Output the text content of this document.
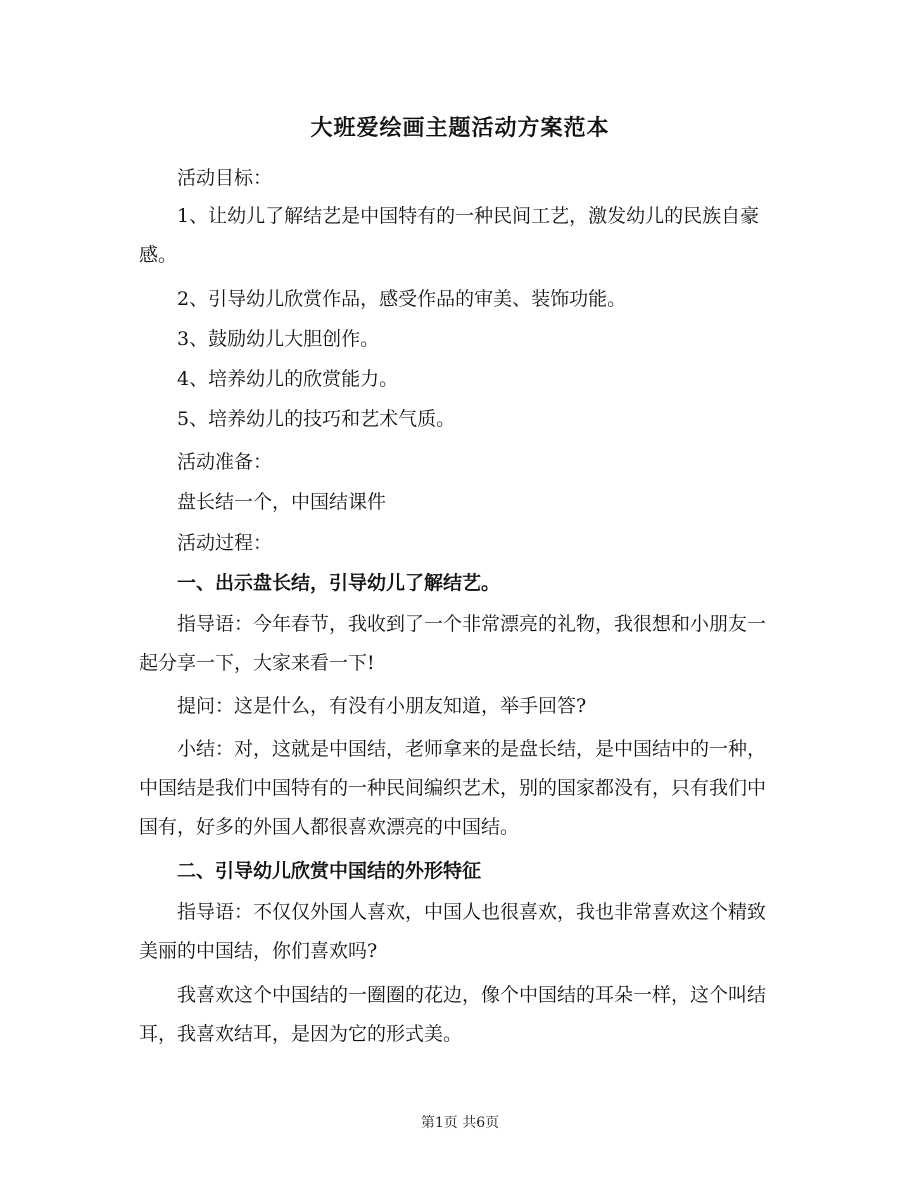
大班爱绘画主题活动方案范本

活动目标：

1、让幼儿了解结艺是中国特有的一种民间工艺，激发幼儿的民族自豪感。

2、引导幼儿欣赏作品，感受作品的审美、装饰功能。

3、鼓励幼儿大胆创作。

4、培养幼儿的欣赏能力。

5、培养幼儿的技巧和艺术气质。

活动准备：

盘长结一个，中国结课件

活动过程：

一、出示盘长结，引导幼儿了解结艺。

指导语：今年春节，我收到了一个非常漂亮的礼物，我很想和小朋友一起分享一下，大家来看一下!

提问：这是什么，有没有小朋友知道，举手回答?

小结：对，这就是中国结，老师拿来的是盘长结，是中国结中的一种，中国结是我们中国特有的一种民间编织艺术，别的国家都没有，只有我们中国有，好多的外国人都很喜欢漂亮的中国结。

二、引导幼儿欣赏中国结的外形特征

指导语：不仅仅外国人喜欢，中国人也很喜欢，我也非常喜欢这个精致美丽的中国结，你们喜欢吗?

我喜欢这个中国结的一圈圈的花边，像个中国结的耳朵一样，这个叫结耳，我喜欢结耳，是因为它的形式美。

第1页 共6页
